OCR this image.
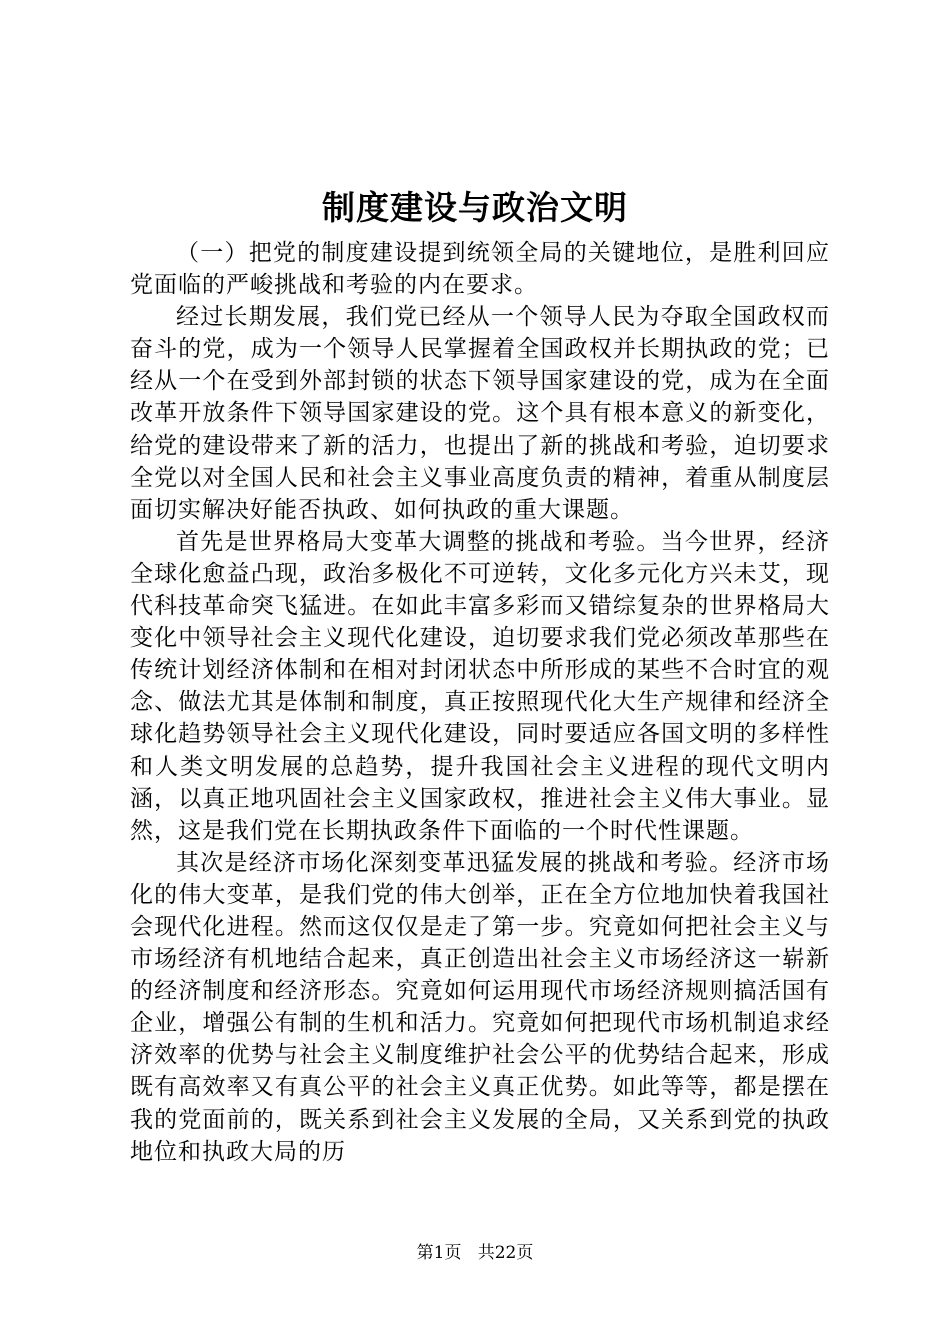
制度建设与政治文明

（一）把党的制度建设提到统领全局的关键地位，是胜利回应党面临的严峻挑战和考验的内在要求。

经过长期发展，我们党已经从一个领导人民为夺取全国政权而奋斗的党，成为一个领导人民掌握着全国政权并长期执政的党；已经从一个在受到外部封锁的状态下领导国家建设的党，成为在全面改革开放条件下领导国家建设的党。这个具有根本意义的新变化，给党的建设带来了新的活力，也提出了新的挑战和考验，迫切要求全党以对全国人民和社会主义事业高度负责的精神，着重从制度层面切实解决好能否执政、如何执政的重大课题。

首先是世界格局大变革大调整的挑战和考验。当今世界，经济全球化愈益凸现，政治多极化不可逆转，文化多元化方兴未艾，现代科技革命突飞猛进。在如此丰富多彩而又错综复杂的世界格局大变化中领导社会主义现代化建设，迫切要求我们党必须改革那些在传统计划经济体制和在相对封闭状态中所形成的某些不合时宜的观念、做法尤其是体制和制度，真正按照现代化大生产规律和经济全球化趋势领导社会主义现代化建设，同时要适应各国文明的多样性和人类文明发展的总趋势，提升我国社会主义进程的现代文明内涵，以真正地巩固社会主义国家政权，推进社会主义伟大事业。显然，这是我们党在长期执政条件下面临的一个时代性课题。

其次是经济市场化深刻变革迅猛发展的挑战和考验。经济市场化的伟大变革，是我们党的伟大创举，正在全方位地加快着我国社会现代化进程。然而这仅仅是走了第一步。究竟如何把社会主义与市场经济有机地结合起来，真正创造出社会主义市场经济这一崭新的经济制度和经济形态。究竟如何运用现代市场经济规则搞活国有企业，增强公有制的生机和活力。究竟如何把现代市场机制追求经济效率的优势与社会主义制度维护社会公平的优势结合起来，形成既有高效率又有真公平的社会主义真正优势。如此等等，都是摆在我的党面前的，既关系到社会主义发展的全局，又关系到党的执政地位和执政大局的历

第1页 共22页
